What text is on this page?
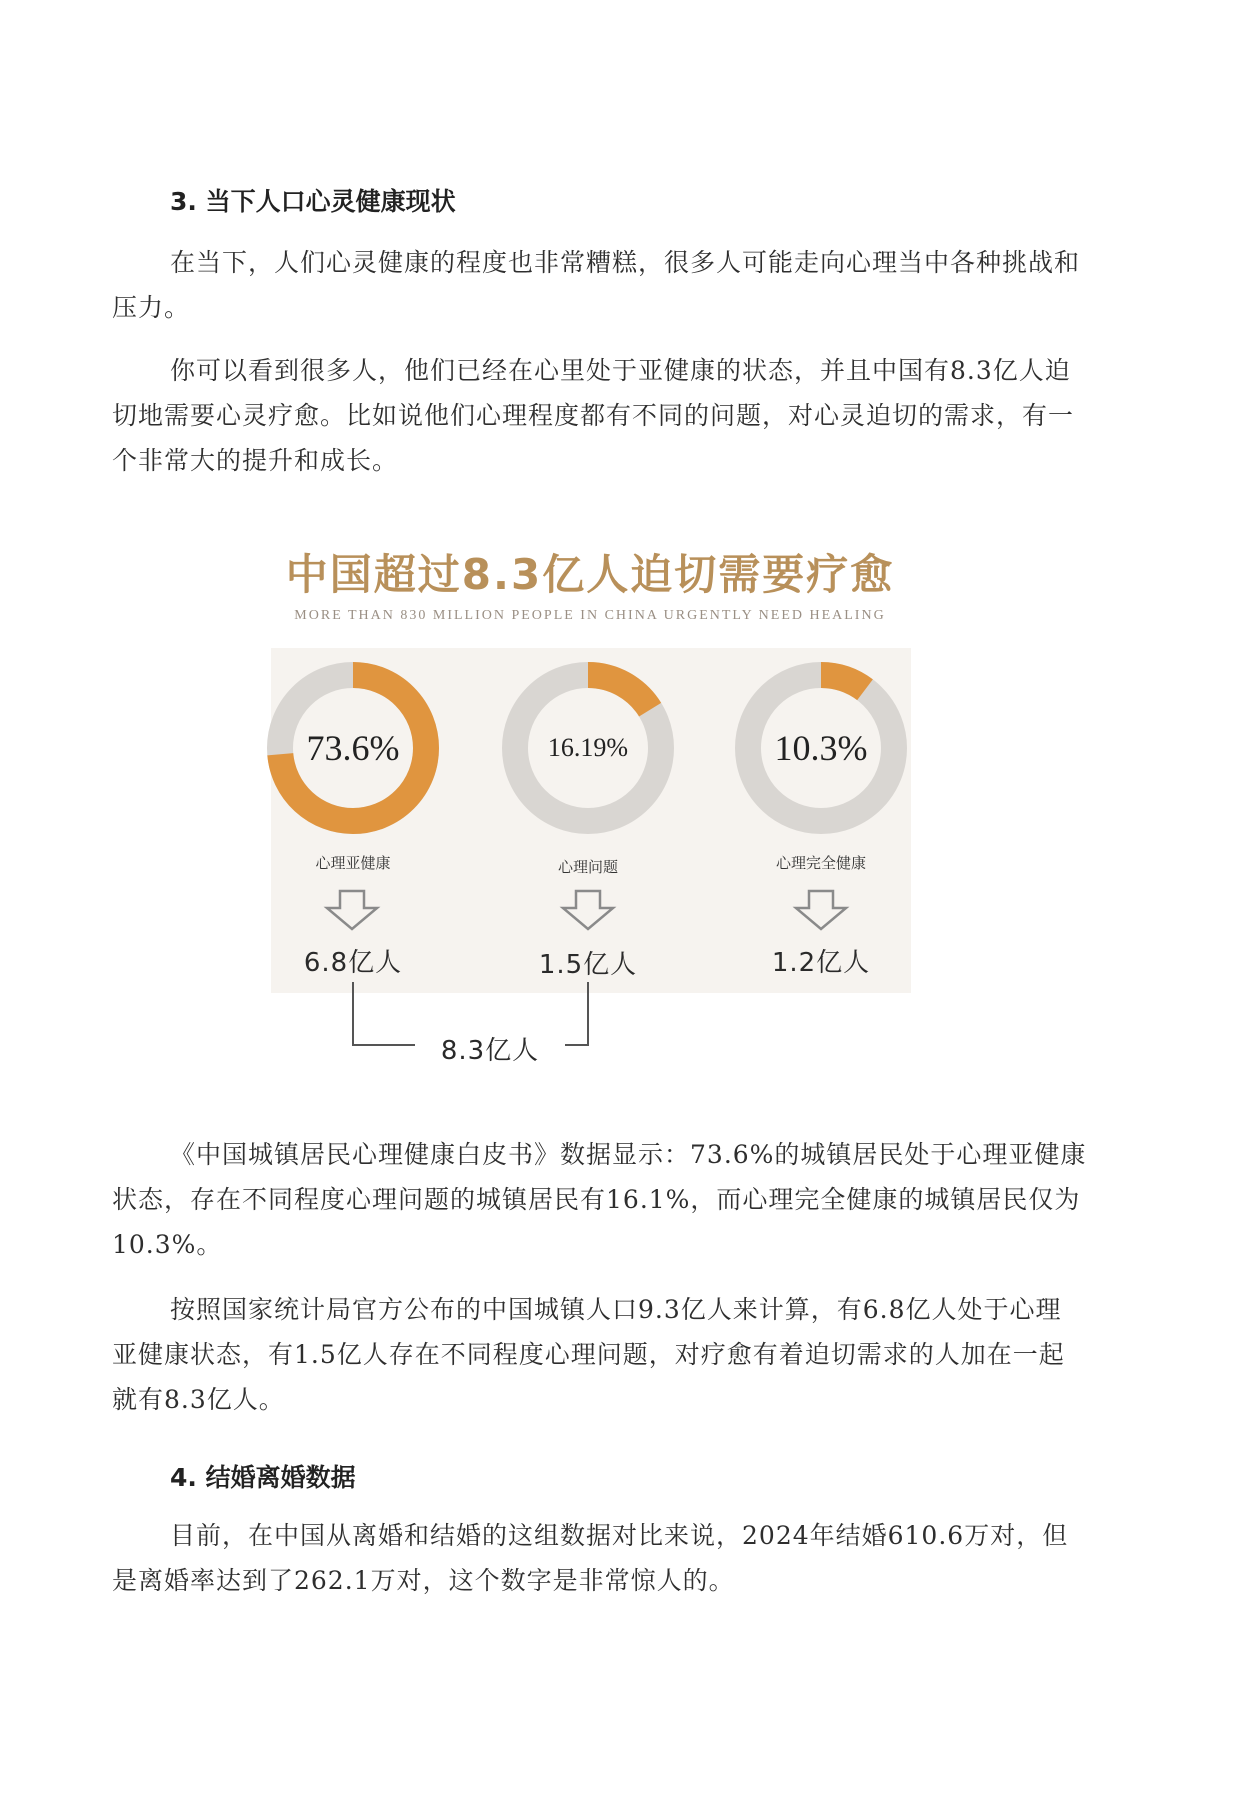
3. 当下人口心灵健康现状

在当下，人们心灵健康的程度也非常糟糕，很多人可能走向心理当中各种挑战和压力。

你可以看到很多人，他们已经在心里处于亚健康的状态，并且中国有8.3亿人迫切地需要心灵疗愈。比如说他们心理程度都有不同的问题，对心灵迫切的需求，有一个非常大的提升和成长。

中国超过8.3亿人迫切需要疗愈
MORE THAN 830 MILLION PEOPLE IN CHINA URGENTLY NEED HEALING
73.6%	16.19%	10.3%
心理亚健康	心理问题	心理完全健康
6.8亿人	1.5亿人	1.2亿人
8.3亿人

《中国城镇居民心理健康白皮书》数据显示：73.6%的城镇居民处于心理亚健康状态，存在不同程度心理问题的城镇居民有16.1%，而心理完全健康的城镇居民仅为10.3%。

按照国家统计局官方公布的中国城镇人口9.3亿人来计算，有6.8亿人处于心理亚健康状态，有1.5亿人存在不同程度心理问题，对疗愈有着迫切需求的人加在一起就有8.3亿人。

4. 结婚离婚数据

目前，在中国从离婚和结婚的这组数据对比来说，2024年结婚610.6万对，但是离婚率达到了262.1万对，这个数字是非常惊人的。
